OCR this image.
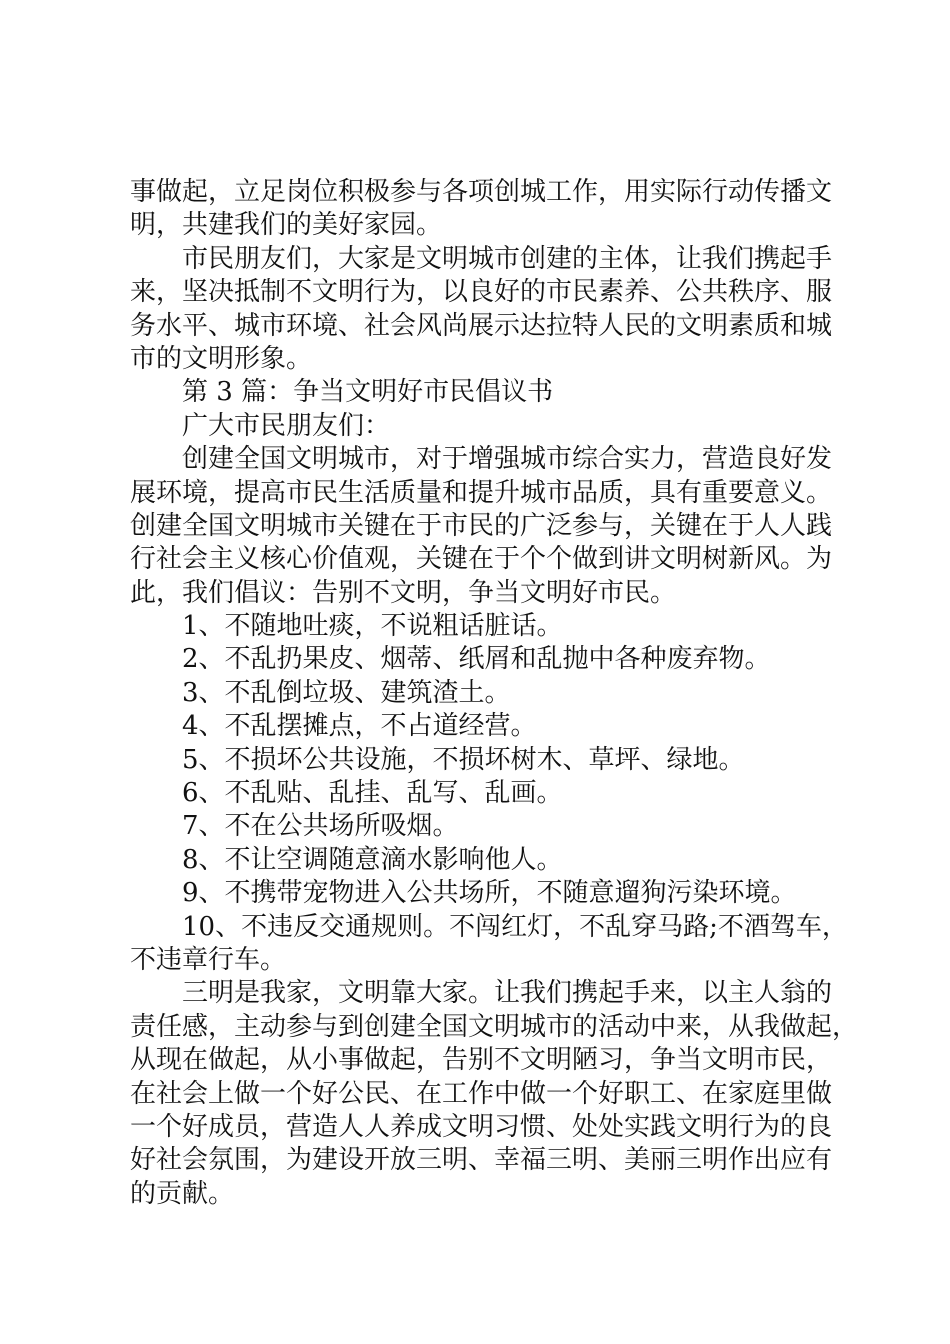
事做起，立足岗位积极参与各项创城工作，用实际行动传播文
明，共建我们的美好家园。
市民朋友们，大家是文明城市创建的主体，让我们携起手
来，坚决抵制不文明行为，以良好的市民素养、公共秩序、服
务水平、城市环境、社会风尚展示达拉特人民的文明素质和城
市的文明形象。
第 3 篇：争当文明好市民倡议书
广大市民朋友们：
创建全国文明城市，对于增强城市综合实力，营造良好发
展环境，提高市民生活质量和提升城市品质，具有重要意义。
创建全国文明城市关键在于市民的广泛参与，关键在于人人践
行社会主义核心价值观，关键在于个个做到讲文明树新风。为
此，我们倡议：告别不文明，争当文明好市民。
1、不随地吐痰，不说粗话脏话。
2、不乱扔果皮、烟蒂、纸屑和乱抛中各种废弃物。
3、不乱倒垃圾、建筑渣土。
4、不乱摆摊点，不占道经营。
5、不损坏公共设施，不损坏树木、草坪、绿地。
6、不乱贴、乱挂、乱写、乱画。
7、不在公共场所吸烟。
8、不让空调随意滴水影响他人。
9、不携带宠物进入公共场所，不随意遛狗污染环境。
10、不违反交通规则。不闯红灯，不乱穿马路;不酒驾车，
不违章行车。
三明是我家，文明靠大家。让我们携起手来，以主人翁的
责任感，主动参与到创建全国文明城市的活动中来，从我做起，
从现在做起，从小事做起，告别不文明陋习，争当文明市民，
在社会上做一个好公民、在工作中做一个好职工、在家庭里做
一个好成员，营造人人养成文明习惯、处处实践文明行为的良
好社会氛围，为建设开放三明、幸福三明、美丽三明作出应有
的贡献。
